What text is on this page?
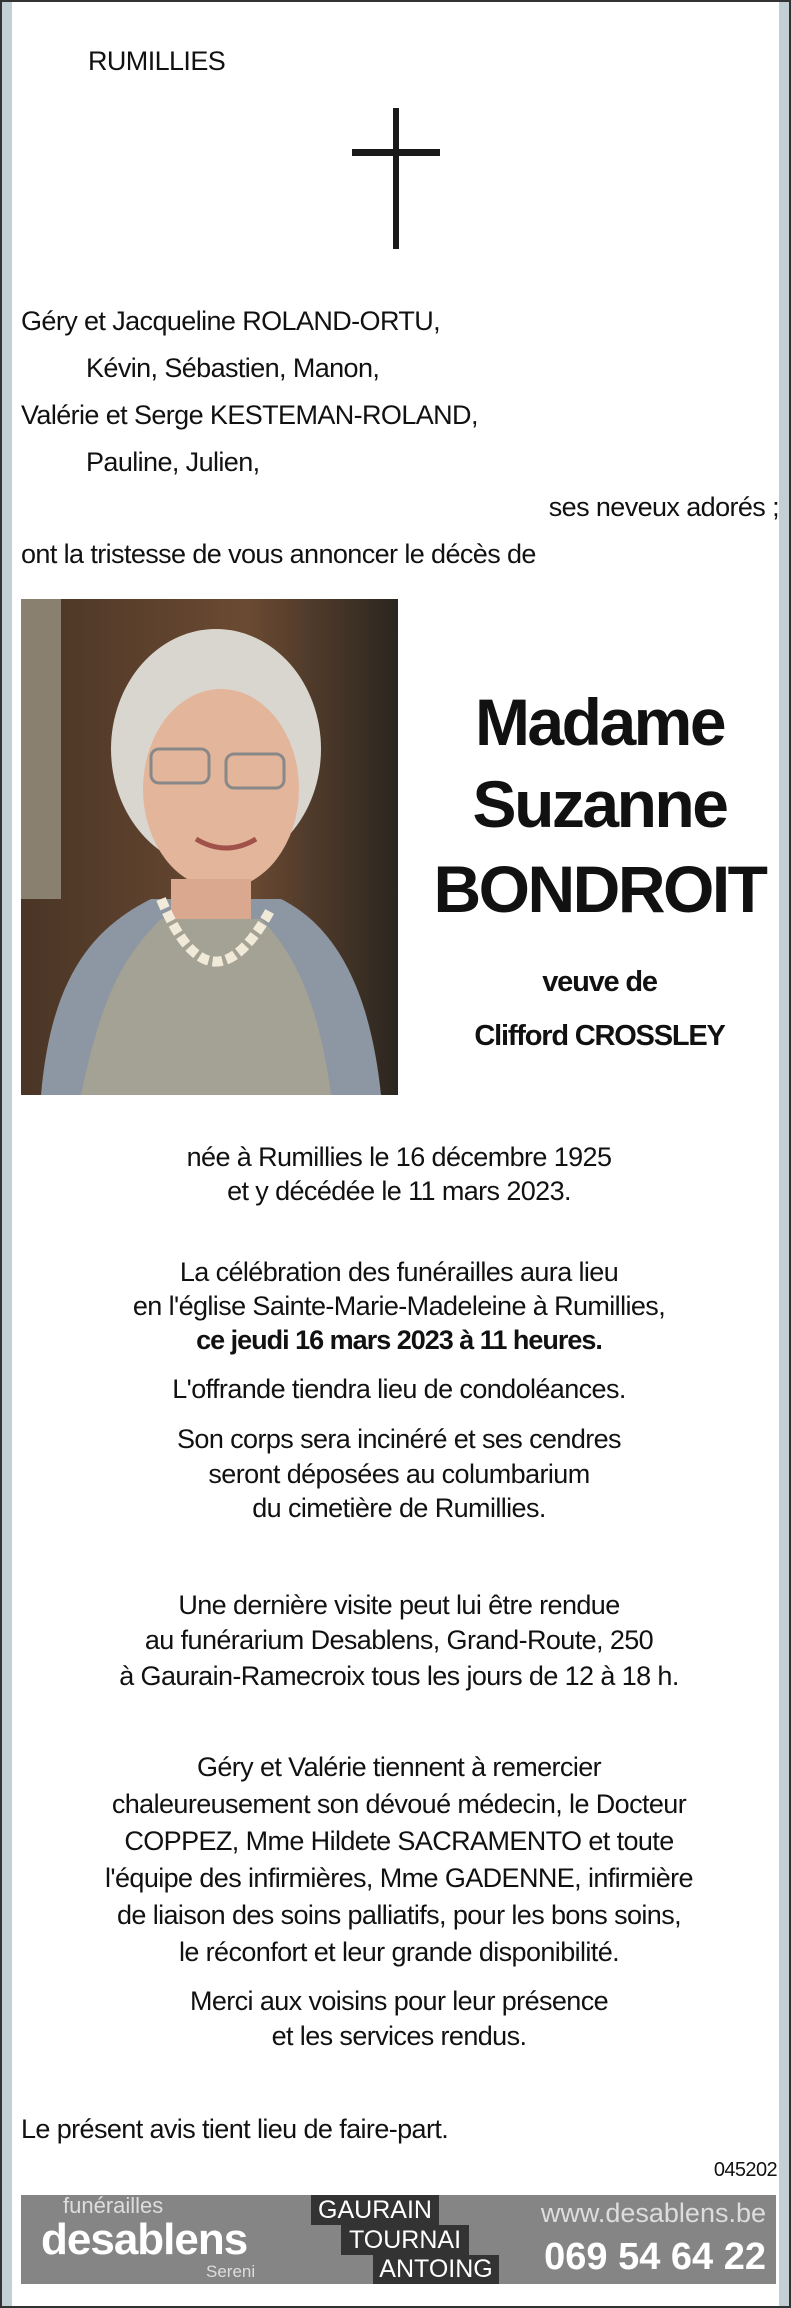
RUMILLIES
Géry et Jacqueline ROLAND-ORTU,
Kévin, Sébastien, Manon,
Valérie et Serge KESTEMAN-ROLAND,
Pauline, Julien,
ses neveux adorés ;
ont la tristesse de vous annoncer le décès de
Madame
Suzanne
BONDROIT
veuve de
Clifford CROSSLEY
née à Rumillies le 16 décembre 1925
et y décédée le 11 mars 2023.
La célébration des funérailles aura lieu
en l'église Sainte-Marie-Madeleine à Rumillies,
ce jeudi 16 mars 2023 à 11 heures.
L'offrande tiendra lieu de condoléances.
Son corps sera incinéré et ses cendres
seront déposées au columbarium
du cimetière de Rumillies.
Une dernière visite peut lui être rendue
au funérarium Desablens, Grand-Route, 250
à Gaurain-Ramecroix tous les jours de 12 à 18 h.
Géry et Valérie tiennent à remercier
chaleureusement son dévoué médecin, le Docteur
COPPEZ, Mme Hildete SACRAMENTO et toute
l'équipe des infirmières, Mme GADENNE, infirmière
de liaison des soins palliatifs, pour les bons soins,
le réconfort et leur grande disponibilité.
Merci aux voisins pour leur présence
et les services rendus.
Le présent avis tient lieu de faire-part.
045202
funérailles
desablens
Sereni
GAURAIN
TOURNAI
ANTOING
www.desablens.be
069 54 64 22
